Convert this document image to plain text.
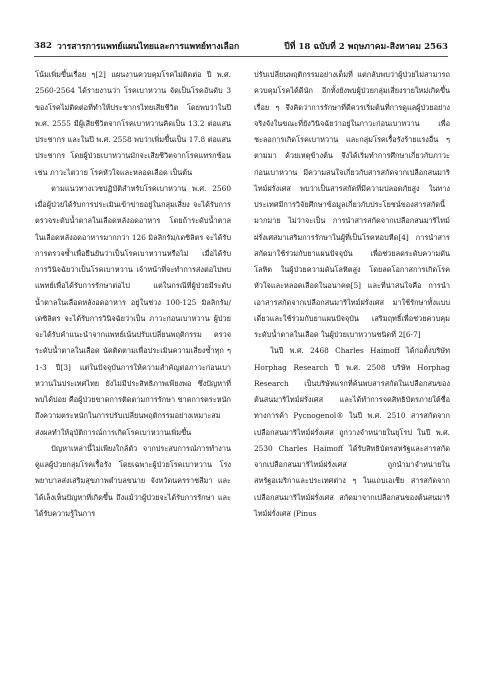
382 วารสารการแพทย์แผนไทยและการแพทย์ทางเลือก	ปีที่ 18 ฉบับที่ 2 พฤษภาคม-สิงหาคม 2563

โน้มเพิ่มขึ้นเรื่อย ๆ[2] แผนงานควบคุมโรคไม่ติดต่อ ปี พ.ศ. 2560-2564 ได้รายงานว่า โรคเบาหวาน จัดเป็นโรคอันดับ 3 ของโรคไม่ติดต่อที่ทำให้ประชากรไทยเสียชีวิต โดยพบว่าในปี พ.ศ. 2555 มีผู้เสียชีวิตจากโรคเบาหวานคิดเป็น 13.2 ต่อแสนประชากร และในปี พ.ศ. 2558 พบว่าเพิ่มขึ้นเป็น 17.8 ต่อแสนประชากร โดยผู้ป่วยเบาหวานมักจะเสียชีวิตจากโรคแทรกซ้อนเช่น ภาวะไตวาย โรคหัวใจและหลอดเลือด เป็นต้น

ตามแนวทางเวชปฏิบัติสำหรับโรคเบาหวาน พ.ศ. 2560 เมื่อผู้ป่วยได้รับการประเมินเข้าข่ายอยู่ในกลุ่มเสี่ยง จะได้รับการตรวจระดับน้ำตาลในเลือดหลังอดอาหาร โดยถ้าระดับน้ำตาลในเลือดหลังอดอาหารมากกว่า 126 มิลลิกรัม/เดซิลิตร จะได้รับการตรวจซ้ำเพื่อยืนยันว่าเป็นโรคเบาหวานหรือไม่ เมื่อได้รับการวินิจฉัยว่าเป็นโรคเบาหวาน เจ้าหน้าที่จะทำการส่งต่อไปพบแพทย์เพื่อได้รับการรักษาต่อไป แต่ในกรณีที่ผู้ป่วยมีระดับน้ำตาลในเลือดหลังอดอาหาร อยู่ในช่วง 100-125 มิลลิกรัม/เดซิลิตร จะได้รับการวินิจฉัยว่าเป็น ภาวะก่อนเบาหวาน ผู้ป่วยจะได้รับคำแนะนำจากแพทย์เน้นปรับเปลี่ยนพฤติกรรม ตรวจระดับน้ำตาลในเลือด นัดติดตามเพื่อประเมินความเสี่ยงซ้ำทุก ๆ 1-3 ปี[3] แต่ในปัจจุบันการให้ความสำคัญต่อภาวะก่อนเบาหวานในประเทศไทย ยังไม่มีประสิทธิภาพเพียงพอ ซึ่งปัญหาที่พบได้บ่อย คือผู้ป่วยขาดการติดตามการรักษา ขาดการตระหนักถึงความตระหนักในการปรับเปลี่ยนพฤติกรรมอย่างเหมาะสม ส่งผลทำให้อุบัติการณ์การเกิดโรคเบาหวานเพิ่มขึ้น

ปัญหาเหล่านี้ไม่เพียงใกล้ตัว จากประสบการณ์การทำงานดูแลผู้ป่วยกลุ่มโรคเรื้อรัง โดยเฉพาะผู้ป่วยโรคเบาหวาน โรงพยาบาลส่งเสริมสุขภาพตำบลขนาย จังหวัดนครราชสีมา และได้เล็งเห็นปัญหาที่เกิดขึ้น ถึงแม้ว่าผู้ป่วยจะได้รับการรักษา และได้รับความรู้ในการ

ปรับเปลี่ยนพฤติกรรมอย่างเต็มที่ แต่กลับพบว่าผู้ป่วยไม่สามารถควบคุมโรคได้ดีนัก อีกทั้งยังพบผู้ป่วยกลุ่มเสี่ยงรายใหม่เกิดขึ้นเรื่อย ๆ จึงคิดว่าการรักษาที่ดีควรเริ่มต้นที่การดูแลผู้ป่วยอย่างจริงจังในขณะที่ยังวินิจฉัยว่าอยู่ในภาวะก่อนเบาหวาน เพื่อชะลอการเกิดโรคเบาหวาน และกลุ่มโรคเรื้อรังร้ายแรงอื่น ๆ ตามมา ด้วยเหตุข้างต้น จึงได้เริ่มทำการศึกษาเกี่ยวกับภาวะก่อนเบาหวาน มีความสนใจเกี่ยวกับสารสกัดจากเปลือกสนมาริไทม์ฝรั่งเศส พบว่าเป็นสารสกัดที่มีความปลอดภัยสูง ในทางประเทศมีการวิจัยศึกษาข้อมูลเกี่ยวกับประโยชน์ของสารสกัดนี้มากมาย ไม่ว่าจะเป็น การนำสารสกัดจากเปลือกสนมาริไทม์ฝรั่งเศสมาเสริมการรักษาในผู้ที่เป็นโรคหอบหืด[4] การนำสารสกัดมาใช้ร่วมกับยาแผนปัจจุบัน เพื่อช่วยลดระดับความดันโลหิต ในผู้ป่วยความดันโลหิตสูง โดยลดโอกาสการเกิดโรคหัวใจและหลอดเลือดในอนาคต[5] และที่น่าสนใจคือ การนำเอาสารสกัดจากเปลือกสนมาริไทม์ฝรั่งเศส มาใช้รักษาทั้งแบบเดี่ยวและใช้ร่วมกับยาแผนปัจจุบัน เสริมฤทธิ์เพื่อช่วยควบคุมระดับน้ำตาลในเลือด ในผู้ป่วยเบาหวานชนิดที่ 2[6-7]

ในปี พ.ศ. 2468 Charles Haimoff ได้ก่อตั้งบริษัท Horphag Research ปี พ.ศ. 2508 บริษัท Horphag Research เป็นบริษัทแรกที่ค้นพบสารสกัดในเปลือกสนของต้นสนมาริไทม์ฝรั่งเศส และได้ทำการจดสิทธิบัตรภายใต้ชื่อทางการค้า Pycnogenol® ในปี พ.ศ. 2510 สารสกัดจากเปลือกสนมาริไทม์ฝรั่งเศส ถูกวางจำหน่ายในยุโรป ในปี พ.ศ. 2530 Charles Haimoff ได้รับสิทธิบัตรสหรัฐและสารสกัดจากเปลือกสนมาริไทม์ฝรั่งเศส ถูกนำมาจำหน่ายในสหรัฐอเมริกาและประเทศต่าง ๆ ในแถบเอเชีย สารสกัดจากเปลือกสนมาริไทม์ฝรั่งเศส สกัดมาจากเปลือกสนของต้นสนมาริไทม์ฝรั่งเศส (Pinus
